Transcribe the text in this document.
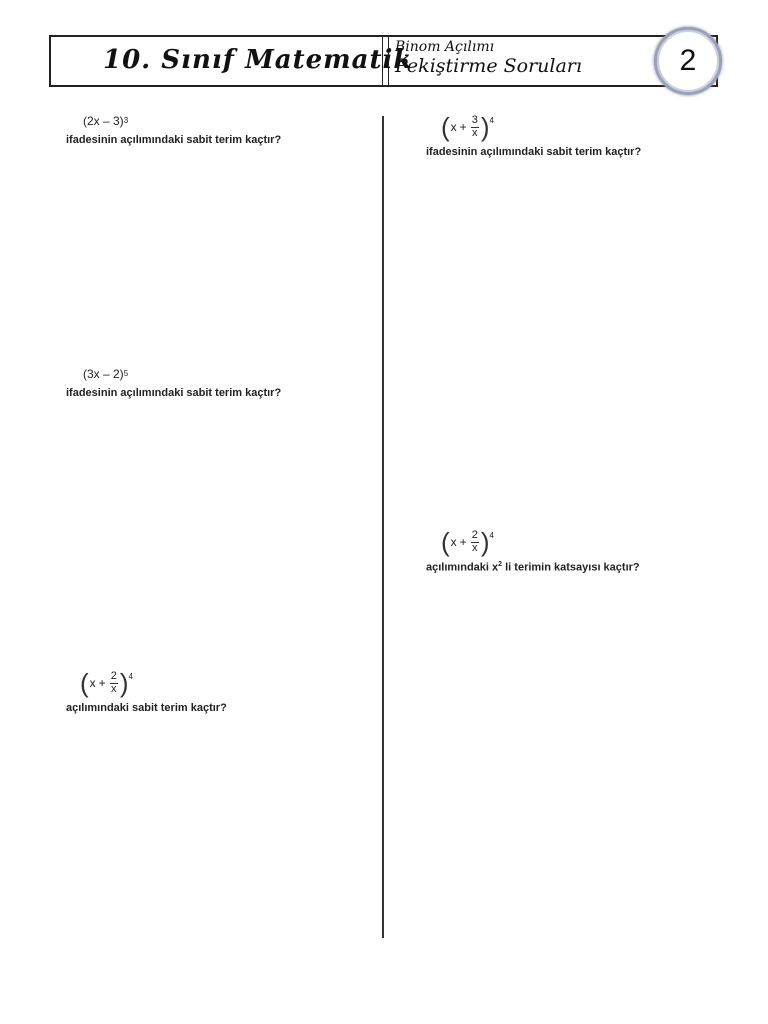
10. Sınıf Matematik
Binom Açılımı
Pekiştirme Soruları	2
(2x – 3) 3
ifadesinin açılımındaki sabit terim kaçtır?
(3x – 2) 5
ifadesinin açılımındaki sabit terim kaçtır?
( $x + \frac{2}{x}$ ) 4
açılımındaki sabit terim kaçtır?
( $x + \frac{3}{x}$ ) 4
ifadesinin açılımındaki sabit terim kaçtır?
( $x + \frac{2}{x}$ ) 4
açılımındaki $x^2$ li terimin katsayısı kaçtır?
